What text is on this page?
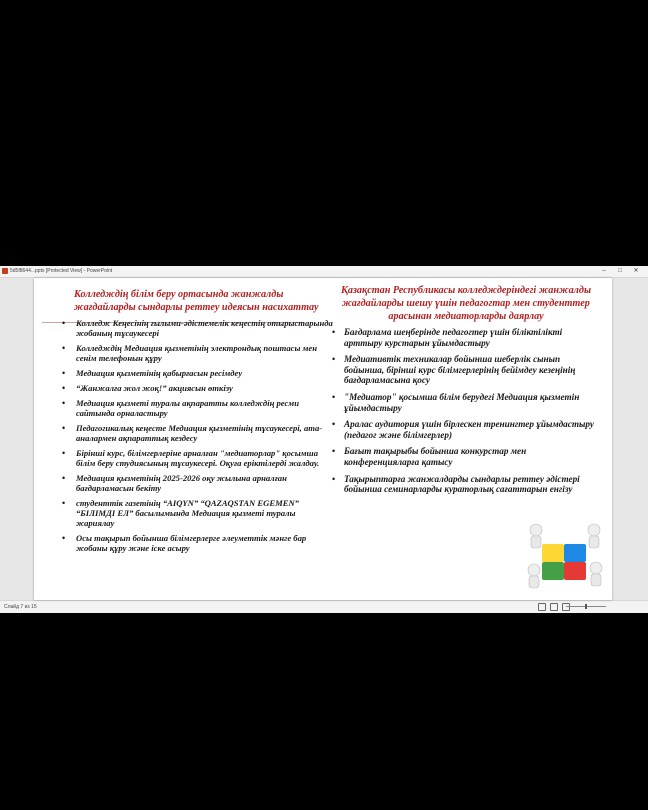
5d5f8644...pptx [Protected View] - PowerPoint	–	□	✕
Слайд 7 из 15

Колледждің білім беру ортасында жанжалды жағдайларды сындарлы реттеу идеясын насихаттау

• Колледж Кеңесінің ғылыми-әдістемелік кеңестің отырыстарында жобаның тұсаукесері
• Колледждің Медиация қызметінің электрондық поштасы мен сенім телефонын құру
• Медиация қызметінің қабырғасын ресімдеу
• “Жанжалға жол жоқ!” акциясын өткізу
• Медиация қызметі туралы ақпаратты колледждің ресми сайтында орналастыру
• Педагогикалық кеңесте Медиация қызметінің тұсаукесері, ата-аналармен ақпараттық кездесу
• Бірінші курс, білімгерлеріне арналған "медиаторлар" қосымша білім беру студиясының тұсаукесері. Оқуға еріктілерді жалдау.
• Медиация қызметінің 2025-2026 оқу жылына арналған бағдарламасын бекіту
• студенттік газетінің “AIQYN” “QAZAQSTAN EGEMEN” “БІЛІМДІ ЕЛ” басылымында Медиация қызметі туралы жариялау
• Осы тақырып бойынша білімгерлерге әлеуметтік мәнге бар жобаны құру және іске асыру

Қазақстан Республикасы колледждеріндегі жанжалды жағдайларды шешу үшін педагогтар мен студенттер арасынан медиаторларды даярлау

• Бағдарлама шеңберінде педагогтер үшін біліктілікті арттыру курстарын ұйымдастыру
• Медиативтік техникалар бойынша шеберлік сынып бойынша, бірінші курс білімгерлерінің бейімдеу кезеңінің бағдарламасына қосу
• "Медиатор" қосымша білім берудегі Медиация қызметін ұйымдастыру
• Аралас аудитория үшін бірлескен тренингтер ұйымдастыру (педагог және білімгерлер)
• Бағыт тақырыбы бойынша конкурстар мен конференцияларға қатысу
• Тақырыптарға жанжалдарды сындарлы реттеу әдістері бойынша семинарларды кураторлық сағаттарын енгізу
